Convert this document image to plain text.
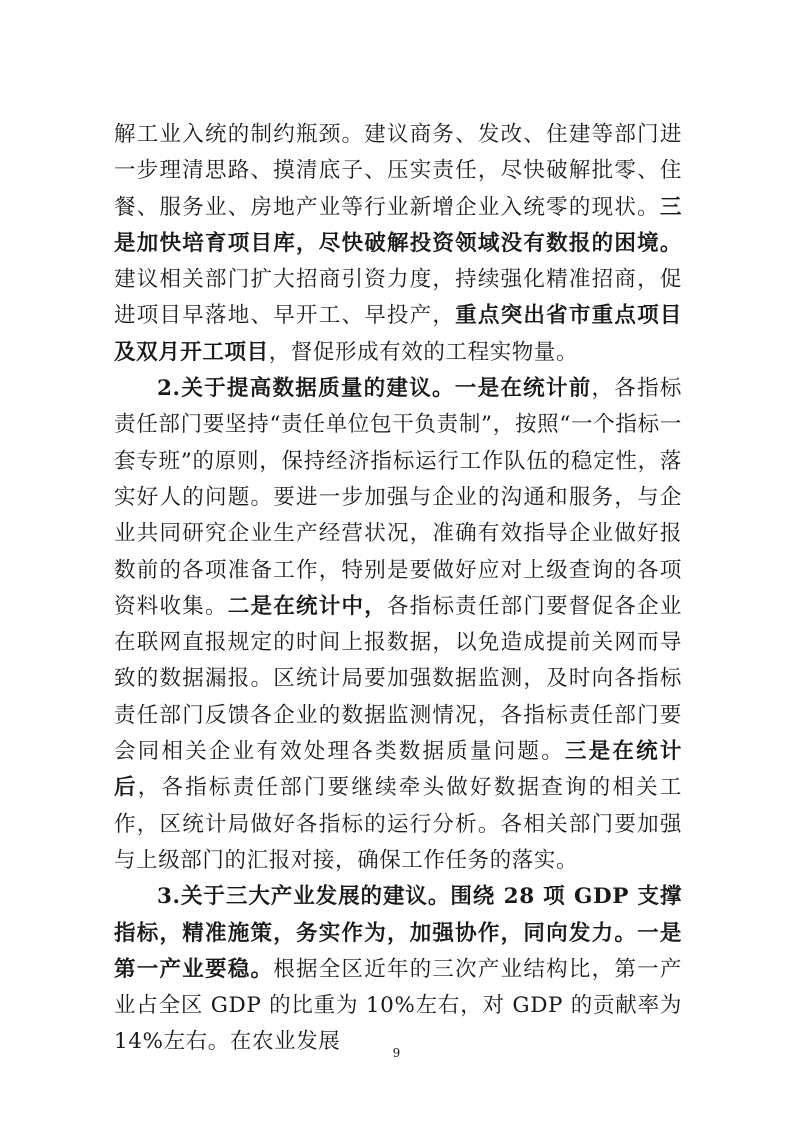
解工业入统的制约瓶颈。建议商务、发改、住建等部门进一步理清思路、摸清底子、压实责任，尽快破解批零、住餐、服务业、房地产业等行业新增企业入统零的现状。三是加快培育项目库，尽快破解投资领域没有数报的困境。建议相关部门扩大招商引资力度，持续强化精准招商，促进项目早落地、早开工、早投产，重点突出省市重点项目及双月开工项目，督促形成有效的工程实物量。

2.关于提高数据质量的建议。一是在统计前，各指标责任部门要坚持“责任单位包干负责制”，按照“一个指标一套专班”的原则，保持经济指标运行工作队伍的稳定性，落实好人的问题。要进一步加强与企业的沟通和服务，与企业共同研究企业生产经营状况，准确有效指导企业做好报数前的各项准备工作，特别是要做好应对上级查询的各项资料收集。二是在统计中，各指标责任部门要督促各企业在联网直报规定的时间上报数据，以免造成提前关网而导致的数据漏报。区统计局要加强数据监测，及时向各指标责任部门反馈各企业的数据监测情况，各指标责任部门要会同相关企业有效处理各类数据质量问题。三是在统计后，各指标责任部门要继续牵头做好数据查询的相关工作，区统计局做好各指标的运行分析。各相关部门要加强与上级部门的汇报对接，确保工作任务的落实。

3.关于三大产业发展的建议。围绕 28 项 GDP 支撑指标，精准施策，务实作为，加强协作，同向发力。一是第一产业要稳。根据全区近年的三次产业结构比，第一产业占全区 GDP 的比重为 10%左右，对 GDP 的贡献率为 14%左右。在农业发展	9
